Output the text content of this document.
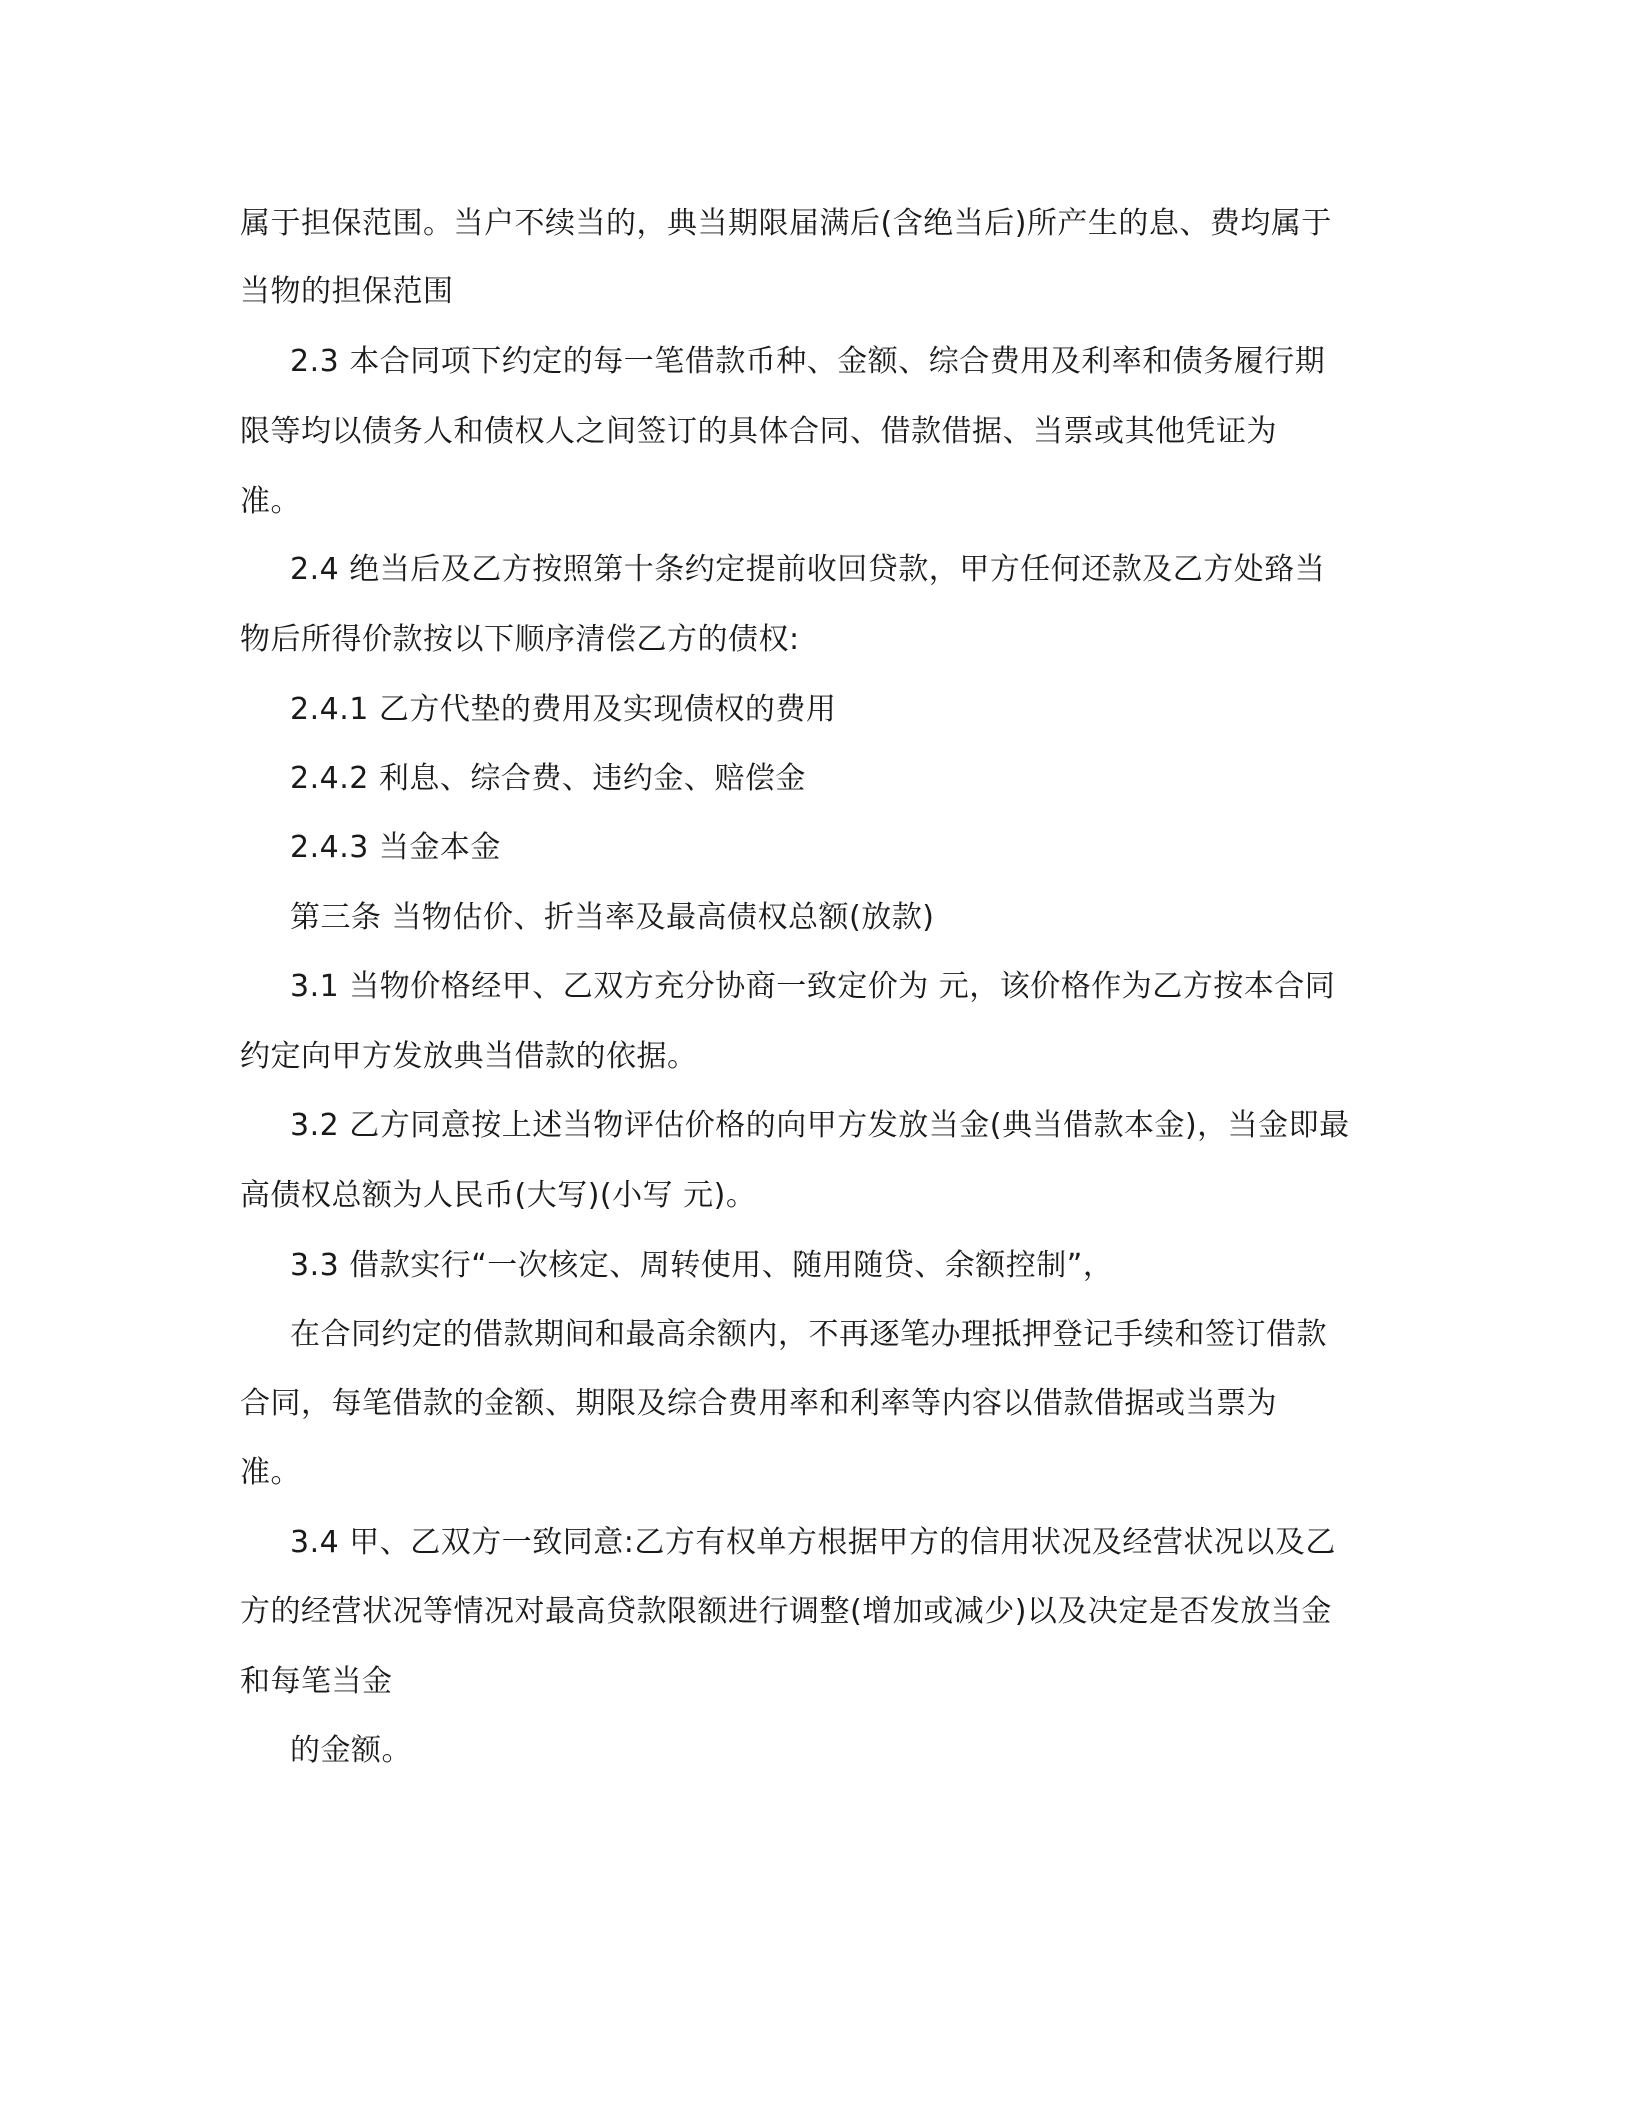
属于担保范围。当户不续当的，典当期限届满后(含绝当后)所产生的息、费均属于
当物的担保范围
2.3 本合同项下约定的每一笔借款币种、金额、综合费用及利率和债务履行期
限等均以债务人和债权人之间签订的具体合同、借款借据、当票或其他凭证为
准。
2.4 绝当后及乙方按照第十条约定提前收回贷款，甲方任何还款及乙方处臵当
物后所得价款按以下顺序清偿乙方的债权:
2.4.1 乙方代垫的费用及实现债权的费用
2.4.2 利息、综合费、违约金、赔偿金
2.4.3 当金本金
第三条 当物估价、折当率及最高债权总额(放款)
3.1 当物价格经甲、乙双方充分协商一致定价为 元，该价格作为乙方按本合同
约定向甲方发放典当借款的依据。
3.2 乙方同意按上述当物评估价格的向甲方发放当金(典当借款本金)，当金即最
高债权总额为人民币(大写)(小写 元)。
3.3 借款实行“一次核定、周转使用、随用随贷、余额控制”，
在合同约定的借款期间和最高余额内，不再逐笔办理抵押登记手续和签订借款
合同，每笔借款的金额、期限及综合费用率和利率等内容以借款借据或当票为
准。
3.4 甲、乙双方一致同意:乙方有权单方根据甲方的信用状况及经营状况以及乙
方的经营状况等情况对最高贷款限额进行调整(增加或减少)以及决定是否发放当金
和每笔当金
的金额。
